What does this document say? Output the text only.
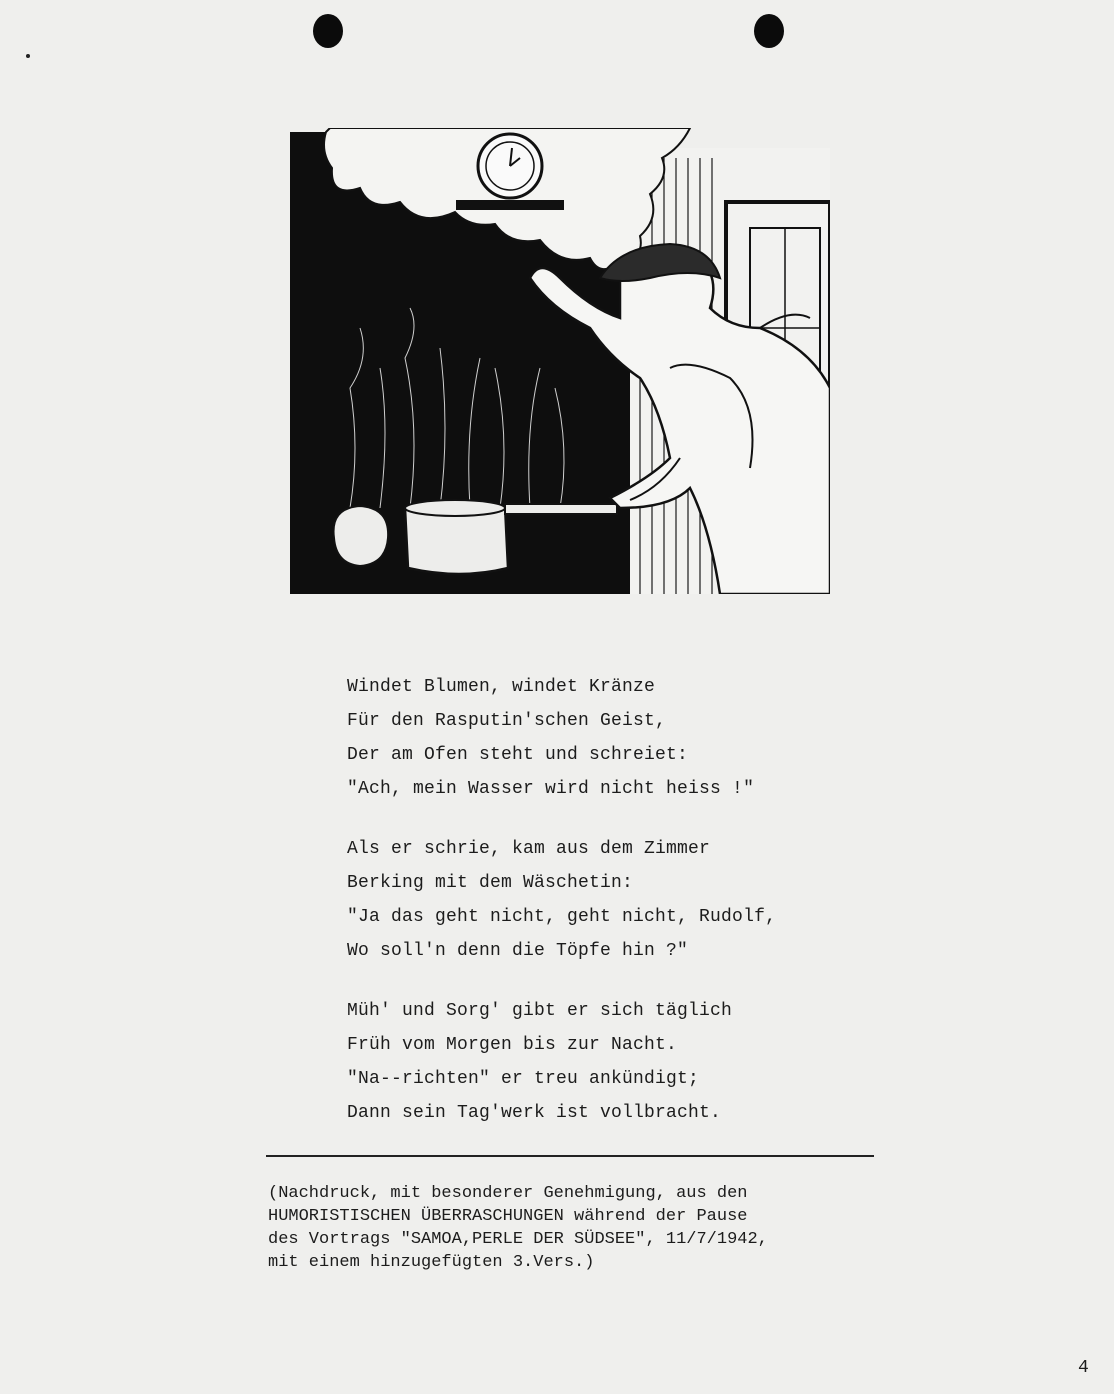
Windet Blumen, windet Kränze

Für den Rasputin'schen Geist,

Der am Ofen steht und schreiet:

"Ach, mein Wasser wird nicht heiss !"

Als er schrie, kam aus dem Zimmer

Berking mit dem Wäschetin:

"Ja das geht nicht, geht nicht, Rudolf,

Wo soll'n denn die Töpfe hin ?"

Müh' und Sorg' gibt er sich täglich

Früh vom Morgen bis zur Nacht.

"Na--richten" er treu ankündigt;

Dann sein Tag'werk ist vollbracht.

(Nachdruck, mit besonderer Genehmigung, aus den

HUMORISTISCHEN ÜBERRASCHUNGEN während der Pause

des Vortrags "SAMOA,PERLE DER SÜDSEE", 11/7/1942,

mit einem hinzugefügten 3.Vers.)

4
